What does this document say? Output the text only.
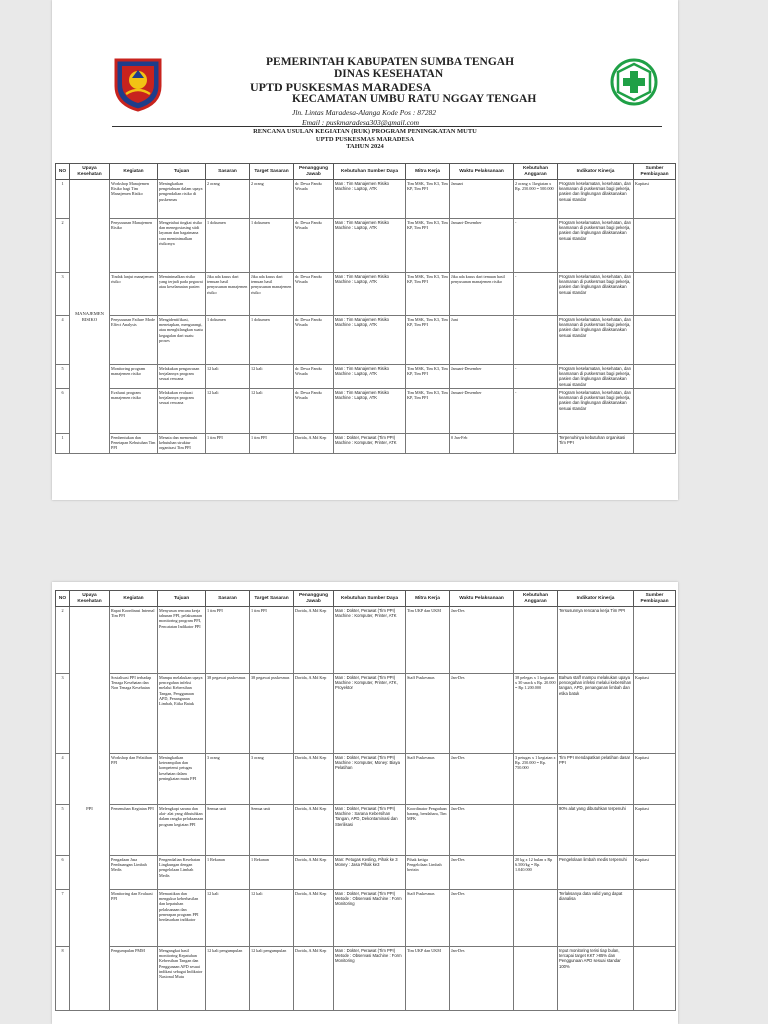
PEMERINTAH KABUPATEN SUMBA TENGAH
DINAS KESEHATAN
UPTD PUSKESMAS MARADESA
KECAMATAN UMBU RATU NGGAY TENGAH
Jln. Lintas Maradesa-Alanga Kode Pos : 87282
Email : puskmaradesa303@gmail.com
RENCANA USULAN KEGIATAN (RUK) PROGRAM PENINGKATAN MUTU
UPTD PUSKESMAS MARADESA
TAHUN 2024
NO	Upaya Kesehatan	Kegiatan	Tujuan	Sasaran	Target Sasaran	Penanggung Jawab	Kebutuhan Sumber Daya	Mitra Kerja	Waktu Pelaksanaan	Kebutuhan Anggaran	Indikator Kinerja	Sumber Pembiayaan
1	MANAJEMEN RISIKO	Workshop Manajemen Risiko bagi Tim Manajemen Risiko	Meningkatkan pengetahuan dalam upaya pengendalian risiko di puskesmas	2 orang	2 orang	dr. Dewa Pandu Wisuda	Man : Tim Manajemen Risiko Machine : Laptop, ATK	Tim MSK, Tim K3, Tim KP, Tim PPI	Januari	2 orang x 1kegiatan x Rp. 250.000 = 500.000	Program keselamatan, kesehatan, dan keamanan di puskesmas bagi pekerja, pasien dan lingkungan dilaksanakan sesuai standar	Kapitasi
2		Penyusunan Manajemen Risiko	Mengetahui tingkat risiko dan menegosiasing stidi layanan dan bagaimana cara meminimalkan risikonya	1 dokumen	1 dokumen	dr. Dewa Pandu Wisuda	Man : Tim Manajemen Risiko Machine : Laptop, ATK	Tim MSK, Tim K3, Tim KP, Tim PPI	Januari-Desember	-	Program keselamatan, kesehatan, dan keamanan di puskesmas bagi pekerja, pasien dan lingkungan dilaksanakan sesuai standar	
3		Tindak lanjut manajemen risiko	Meminimalkan risiko yang terjadi pada pegawai atau keselamatan pasien	Jika ada kasus dari temuan hasil penyusunan manajemen risiko	Jika ada kasus dari temuan hasil penyusunan manajemen risiko	dr. Dewa Pandu Wisuda	Man : Tim Manajemen Risiko Machine : Laptop, ATK	Tim MSK, Tim K3, Tim KP, Tim PPI	Jika ada kasus dari temuan hasil penyusunan manajemen risiko	-	Program keselamatan, kesehatan, dan keamanan di puskesmas bagi pekerja, pasien dan lingkungan dilaksanakan sesuai standar	
4		Penyusunan Failure Mode Effect Analysis	Mengidentifikasi, menetapkan, mengurangi, atau menghilangkan suatu kegagalan dari suatu proses	1 dokumen	1 dokumen	dr. Dewa Pandu Wisuda	Man : Tim Manajemen Risiko Machine : Laptop, ATK	Tim MSK, Tim K3, Tim KP, Tim PPI	Juni	-	Program keselamatan, kesehatan, dan keamanan di puskesmas bagi pekerja, pasien dan lingkungan dilaksanakan sesuai standar	
5		Monitoring program manajemen risiko	Melakukan pengawasan berjalannya program sesuai rencana	12 kali	12 kali	dr. Dewa Pandu Wisuda	Man : Tim Manajemen Risiko Machine : Laptop, ATK	Tim MSK, Tim K3, Tim KP, Tim PPI	Januari-Desember	-	Program keselamatan, kesehatan, dan keamanan di puskesmas bagi pekerja, pasien dan lingkungan dilaksanakan sesuai standar	
6		Evaluasi program manajemen risiko	Melakukan evaluasi berjalannya program sesuai rencana	12 kali	12 kali	dr. Dewa Pandu Wisuda	Man : Tim Manajemen Risiko Machine : Laptop, ATK	Tim MSK, Tim K3, Tim KP, Tim PPI	Januari-Desember	-	Program keselamatan, kesehatan, dan keamanan di puskesmas bagi pekerja, pasien dan lingkungan dilaksanakan sesuai standar	
1		Pembentukan dan Penetapan Kebutuhan Tim PPI	Menata dan memenuhi kebutuhan struktur organisasi Tim PPI	1 tim PPI	1 tim PPI	Dorida, A.Md Kep	Man : Dokter, Perawat (Tim PPI) Machine : Komputer, Printer, ATK		0 Jan-Feb		Terpenuhinya kebutuhan organisasi Tim PPI	
NO	Upaya Kesehatan	Kegiatan	Tujuan	Sasaran	Target Sasaran	Penanggung Jawab	Kebutuhan Sumber Daya	Mitra Kerja	Waktu Pelaksanaan	Kebutuhan Anggaran	Indikator Kinerja	Sumber Pembiayaan
2	PPI	Rapat Koordinasi Internal Tim PPI	Menyusun rencana kerja tahunan PPI, pelaksanaan monitoring program PPI, Pencatatan Indikator PPI	1 tim PPI	1 tim PPI	Dorida, A.Md Kep	Man : Dokter, Perawat (Tim PPI) Machine : Komputer, Printer, ATK	Tim UKP dan UKM	Jan-Des		Tersusunnya rencana kerja Tim PPI	
3		Sosialisasi PPI terhadap Tenaga Kesehatan dan Non Tenaga Kesehatan	Mampu melakukan upaya pencegahan infeksi melalui Kebersihan Tangan, Penggunaan APD, Penanganan Limbah, Etika Batuk	38 pegawai puskesmas	38 pegawai puskesmas	Dorida, A.Md Kep	Man : Dokter, Perawat (Tim PPI) Machine : Komputer, Printer, ATK, Proyektor	Staff Puskesmas	Jan-Des	38 pelegas x 1 kegiatan x 30 snack x Rp. 20.000 = Rp 1.200.000	Bahwa staff mampu melakukan upaya pencegahan infeksi melalui kebersihan tangan, APD, penanganan limbah dan etika batuk	Kapitasi
4		Workshop dan Pelatihan PPI	Meningkatkan keterampilan dan kompetensi petugas kesehatan dalam peningkatan mutu PPI	3 orang	3 orang	Dorida, A.Md Kep	Man : Dokter, Perawat (Tim PPI) Machine : Komputer, Money: Biaya Pelatihan	Staff Puskesmas	Jan-Des	3 petugas x 1 kegiatan x Rp. 250.000 = Rp. 750.000	Tim PPI mendapatkan pelatihan dasar PPI	Kapitasi
5		Pemenuhan Kegiatan PPI	Melengkapi sarana dan alat- alat yang dibutuhkan dalam rangka pelaksanaan program kegiatan PPI	Semua unit	Semua unit	Dorida, A.Md Kep	Man : Dokter, Perawat (Tim PPI) Machine : Sarana Kebersihan Tangan, APD, Dekontaminasi dan Sterilisasi	Koordinator Pengadaan barang, bendahara, Tim MFK	Jan-Des		90% alat yang dibutuhkan terpenuhi	Kapitasi
6		Pengadaan Jasa Pembuangan Limbah Medis	Pengendalian Kesehatan Lingkungan dengan pengelolaan Limbah Medis	1 Rekanan	1 Rekanan	Dorida, A.Md Kep	Man: Petugas Kesling, Pihak ke 3 Money : Jasa Pihak ke3	Pihak ketiga Pengelolaan Limbah berizin	Jan-Des	20 kg x 12 bulan x Rp 6.500/kg = Rp. 1.040.000	Pengelolaan limbah medis terpenuhi	Kapitasi
7		Monitoring dan Evaluasi PPI	Memastikan dan mengukur keberhasilan dan kepatuhan pelaksanaan dan penerapan program PPI berdasarkan indikator	12 kali	12 kali	Dorida, A.Md Kep	Man : Dokter, Perawat (Tim PPI) Metode : Observasi Machine : Form Monitoring	Staff Puskesmas	Jan-Des		Terlaksanya data valid yang dapat dianalisa	
8		Pengumpulan PMM	Mengangkat hasil monitoring Kepatuhan Kebersihan Tangan dan Penggunaan APD sesuai indikasi sebagai Indikator Nasional Mutu	12 kali pengumpulan	12 kali pengumpulan	Dorida, A.Md Kep	Man : Dokter, Perawat (Tim PPI) Metode : Observasi Machine : Form Monitoring	Tim UKP dan UKM	Jan-Des		Input monitoring terisi tiap bulan, tercapai target KKT >85% dan Penggunaan APD sesuai standar 100%	
